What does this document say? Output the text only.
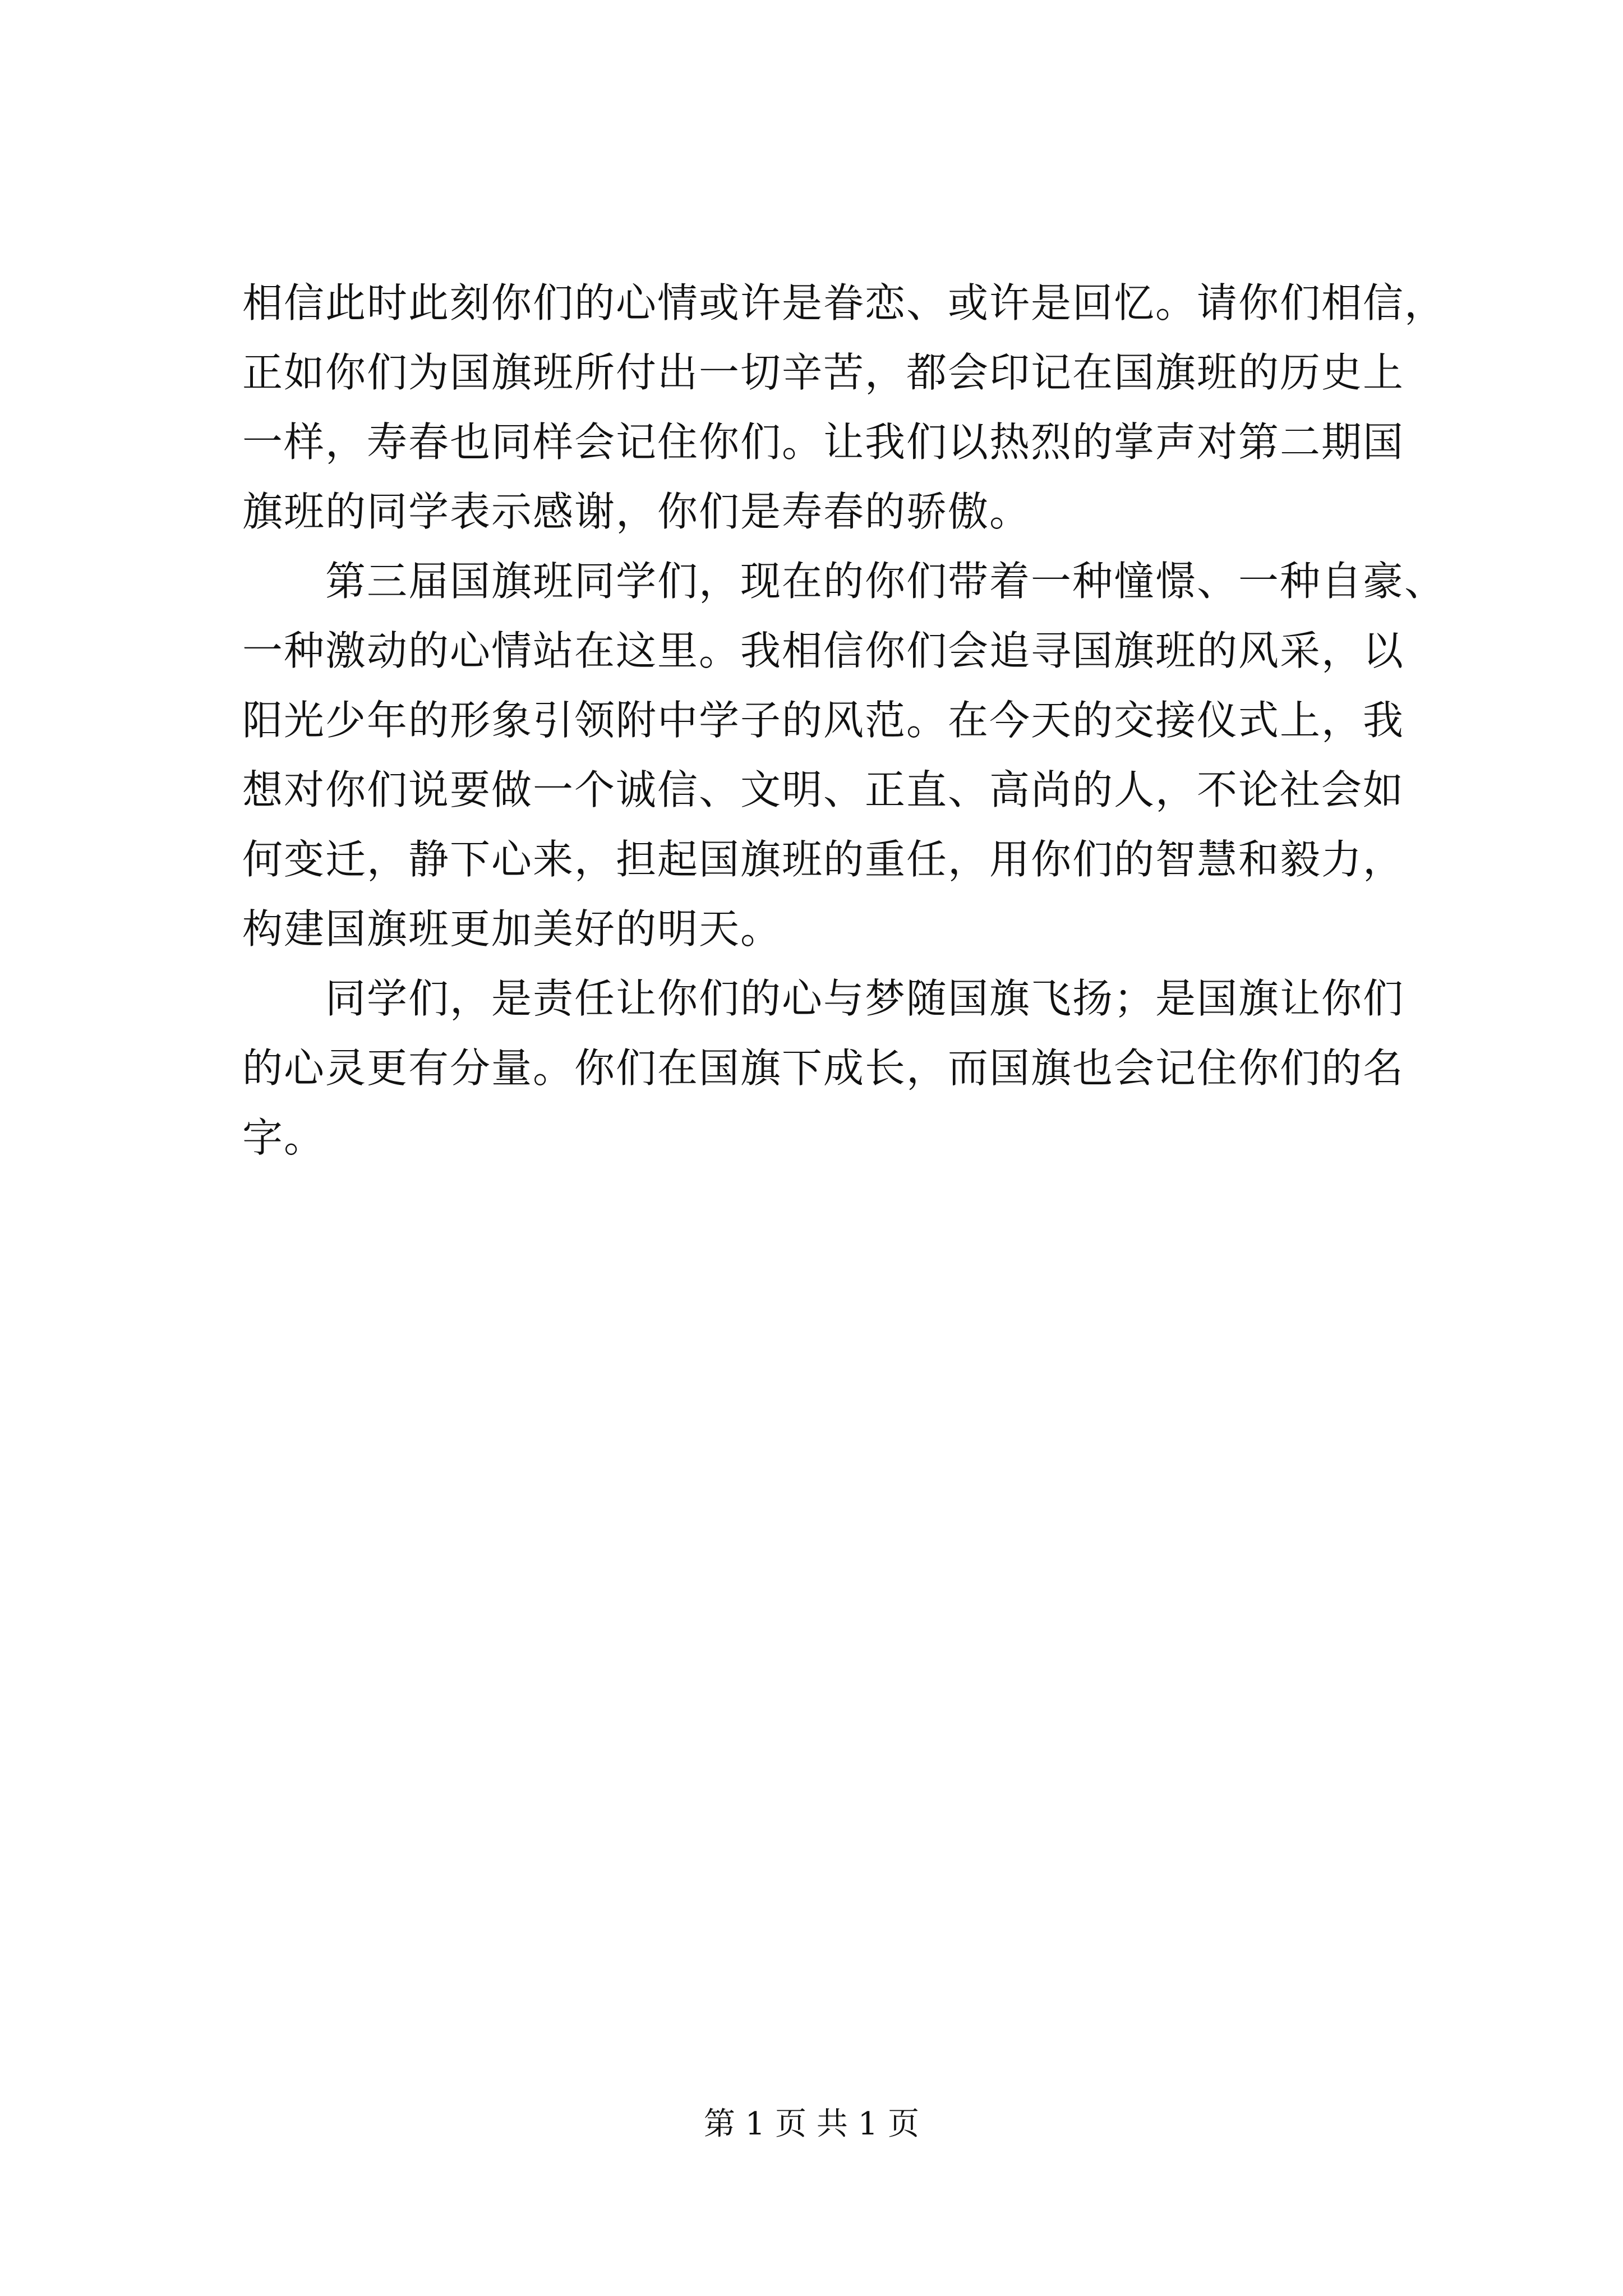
相信此时此刻你们的心情或许是眷恋、或许是回忆。请你们相信，
正如你们为国旗班所付出一切辛苦，都会印记在国旗班的历史上
一样，寿春也同样会记住你们。让我们以热烈的掌声对第二期国
旗班的同学表示感谢，你们是寿春的骄傲。
第三届国旗班同学们，现在的你们带着一种憧憬、一种自豪、
一种激动的心情站在这里。我相信你们会追寻国旗班的风采，以
阳光少年的形象引领附中学子的风范。在今天的交接仪式上，我
想对你们说要做一个诚信、文明、正直、高尚的人，不论社会如
何变迁，静下心来，担起国旗班的重任，用你们的智慧和毅力，
构建国旗班更加美好的明天。
同学们，是责任让你们的心与梦随国旗飞扬；是国旗让你们
的心灵更有分量。你们在国旗下成长，而国旗也会记住你们的名
字。
第 1 页 共 1 页
